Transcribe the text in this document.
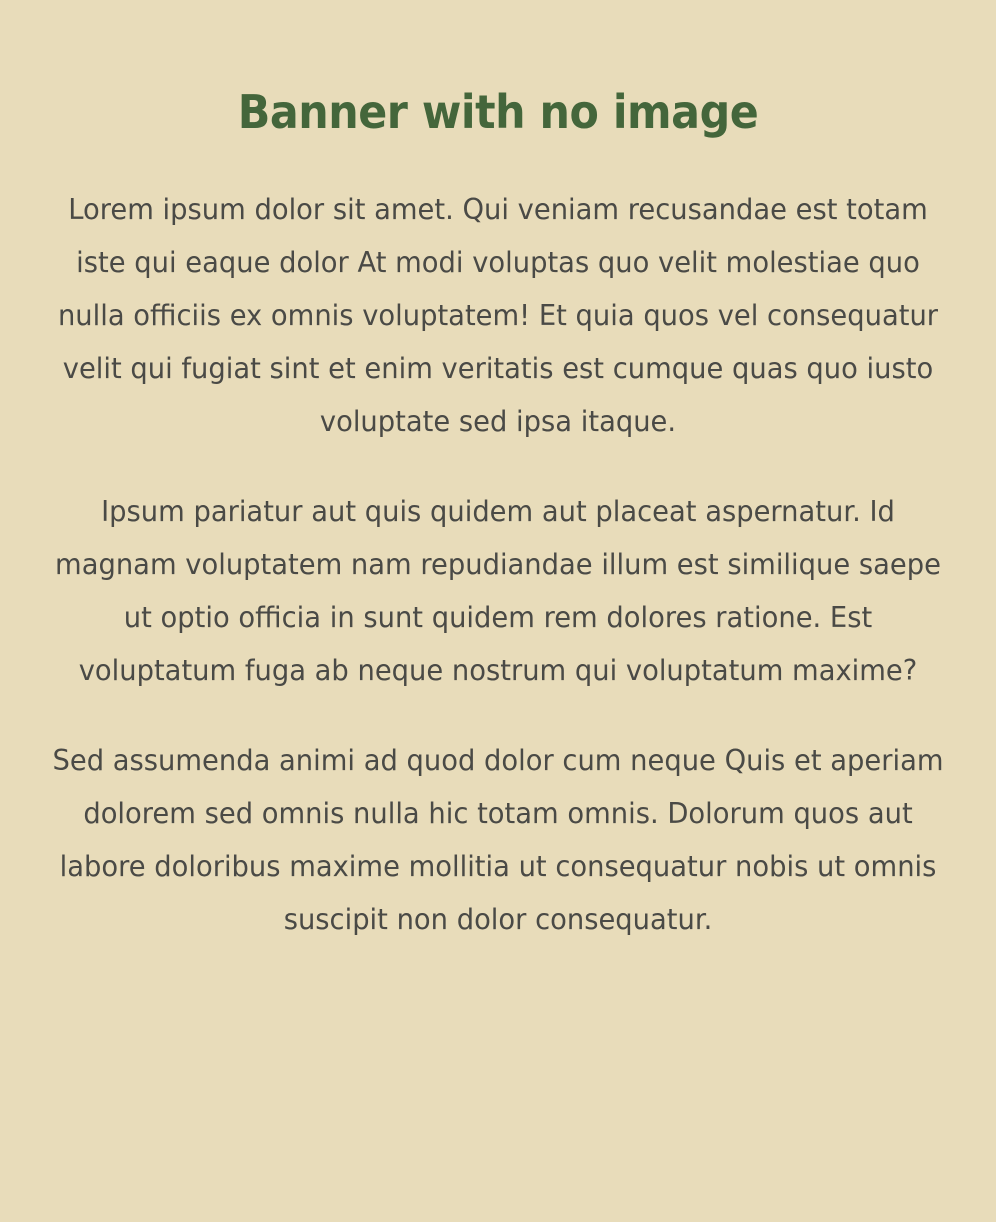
Banner with no image

Lorem ipsum dolor sit amet. Qui veniam recusandae est totam iste qui eaque dolor At modi voluptas quo velit molestiae quo nulla officiis ex omnis voluptatem! Et quia quos vel consequatur velit qui fugiat sint et enim veritatis est cumque quas quo iusto voluptate sed ipsa itaque.

Ipsum pariatur aut quis quidem aut placeat aspernatur. Id magnam voluptatem nam repudiandae illum est similique saepe ut optio officia in sunt quidem rem dolores ratione. Est voluptatum fuga ab neque nostrum qui voluptatum maxime?

Sed assumenda animi ad quod dolor cum neque Quis et aperiam dolorem sed omnis nulla hic totam omnis. Dolorum quos aut labore doloribus maxime mollitia ut consequatur nobis ut omnis suscipit non dolor consequatur.
